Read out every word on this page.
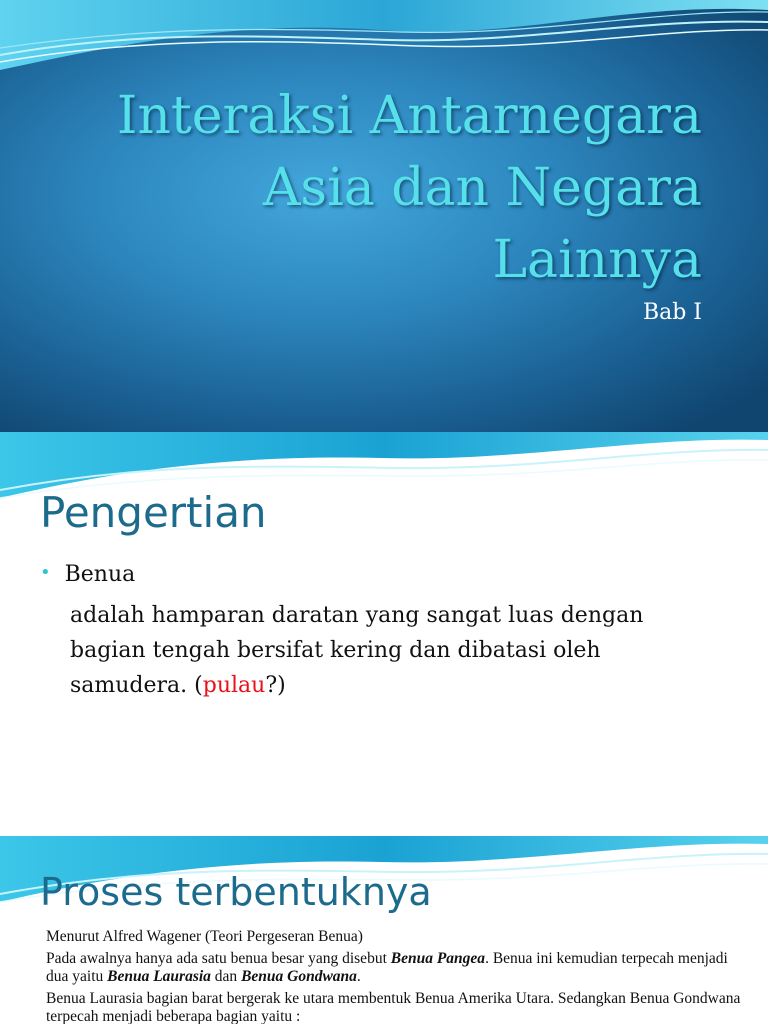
Interaksi Antarnegara
Asia dan Negara
Lainnya
Bab I
Pengertian
• Benua
adalah hamparan daratan yang sangat luas dengan bagian tengah bersifat kering dan dibatasi oleh samudera. (pulau?)
Proses terbentuknya

Menurut Alfred Wagener (Teori Pergeseran Benua)

Pada awalnya hanya ada satu benua besar yang disebut Benua Pangea. Benua ini kemudian terpecah menjadi dua yaitu Benua Laurasia dan Benua Gondwana.

Benua Laurasia bagian barat bergerak ke utara membentuk Benua Amerika Utara. Sedangkan Benua Gondwana terpecah menjadi beberapa bagian yaitu :
